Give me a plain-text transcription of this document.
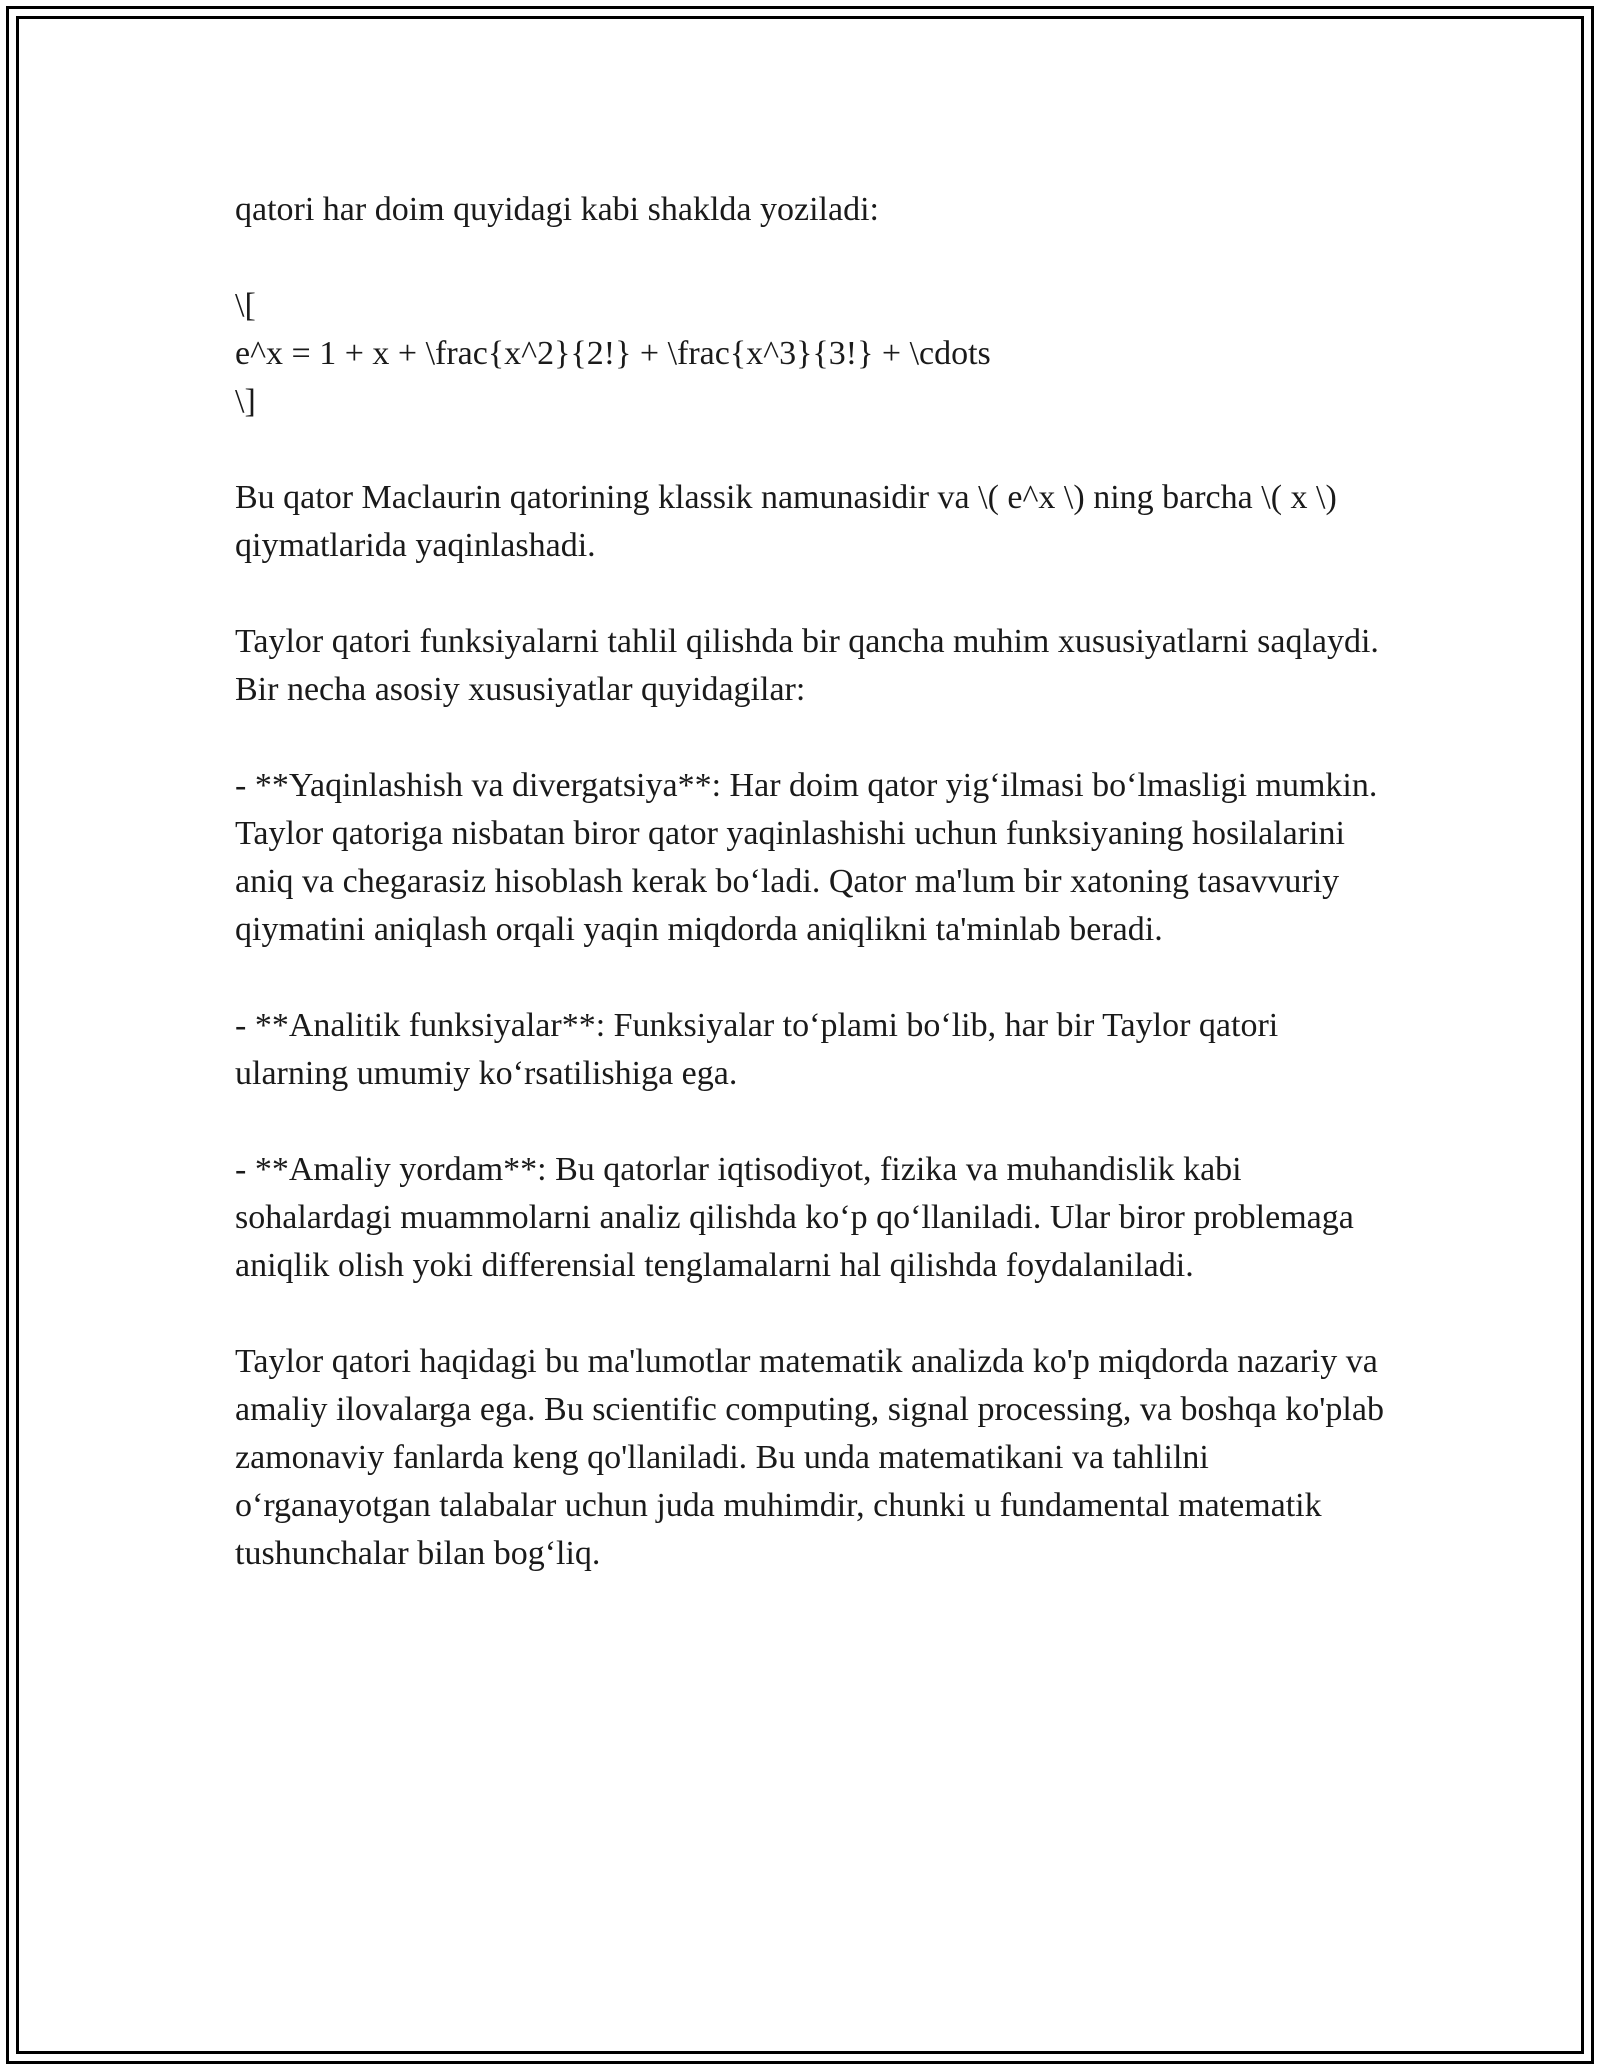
qatori har doim quyidagi kabi shaklda yoziladi:

\[
e^x = 1 + x + \frac{x^2}{2!} + \frac{x^3}{3!} + \cdots
\]

Bu qator Maclaurin qatorining klassik namunasidir va \( e^x \) ning barcha \( x \) qiymatlarida yaqinlashadi.

Taylor qatori funksiyalarni tahlil qilishda bir qancha muhim xususiyatlarni saqlaydi. Bir necha asosiy xususiyatlar quyidagilar:

- **Yaqinlashish va divergatsiya**: Har doim qator yig‘ilmasi bo‘lmasligi mumkin. Taylor qatoriga nisbatan biror qator yaqinlashishi uchun funksiyaning hosilalarini aniq va chegarasiz hisoblash kerak bo‘ladi. Qator ma'lum bir xatoning tasavvuriy qiymatini aniqlash orqali yaqin miqdorda aniqlikni ta'minlab beradi.

- **Analitik funksiyalar**: Funksiyalar to‘plami bo‘lib, har bir Taylor qatori ularning umumiy ko‘rsatilishiga ega.

- **Amaliy yordam**: Bu qatorlar iqtisodiyot, fizika va muhandislik kabi sohalardagi muammolarni analiz qilishda ko‘p qo‘llaniladi. Ular biror problemaga aniqlik olish yoki differensial tenglamalarni hal qilishda foydalaniladi.

Taylor qatori haqidagi bu ma'lumotlar matematik analizda ko'p miqdorda nazariy va amaliy ilovalarga ega. Bu scientific computing, signal processing, va boshqa ko'plab zamonaviy fanlarda keng qo'llaniladi. Bu unda matematikani va tahlilni o‘rganayotgan talabalar uchun juda muhimdir, chunki u fundamental matematik tushunchalar bilan bog‘liq.
